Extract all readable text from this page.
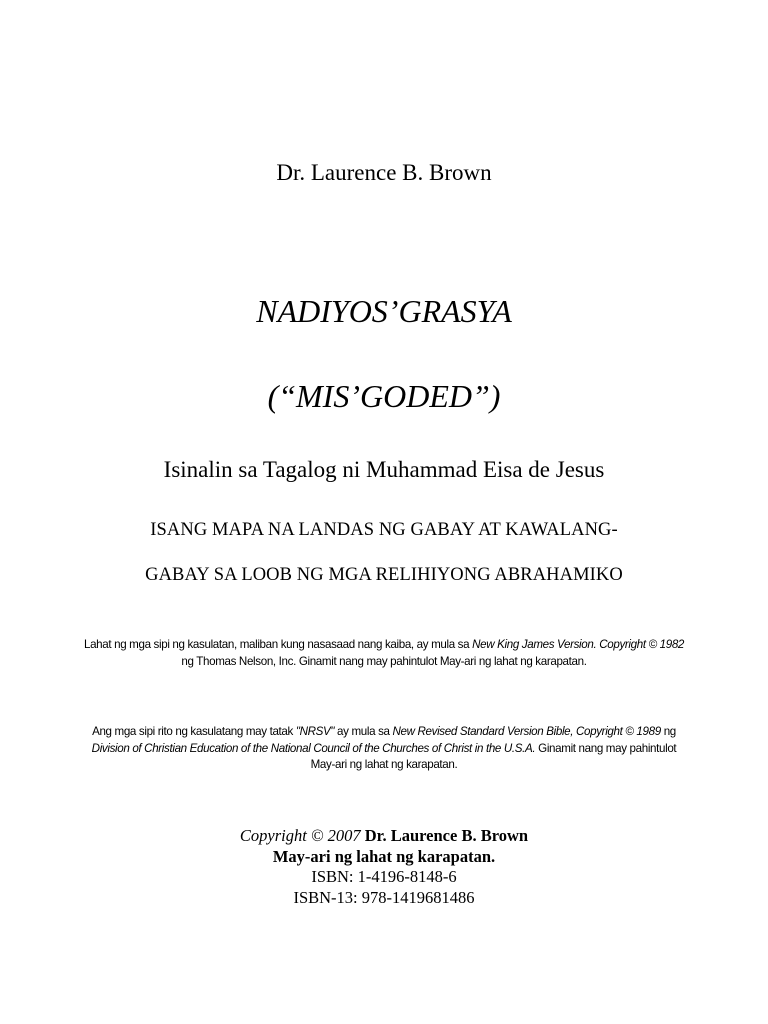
Dr. Laurence B. Brown
NADIYOS’GRASYA
(“MIS’GODED”)
Isinalin sa Tagalog ni Muhammad Eisa de Jesus
ISANG MAPA NA LANDAS NG GABAY AT KAWALANG-
GABAY SA LOOB NG MGA RELIHIYONG ABRAHAMIKO
Lahat ng mga sipi ng kasulatan, maliban kung nasasaad nang kaiba, ay mula sa New King James Version. Copyright © 1982 ng Thomas Nelson, Inc. Ginamit nang may pahintulot May-ari ng lahat ng karapatan.
Ang mga sipi rito ng kasulatang may tatak "NRSV" ay mula sa New Revised Standard Version Bible, Copyright © 1989 ng Division of Christian Education of the National Council of the Churches of Christ in the U.S.A. Ginamit nang may pahintulot May-ari ng lahat ng karapatan.
Copyright © 2007 Dr. Laurence B. Brown
May-ari ng lahat ng karapatan.
ISBN: 1-4196-8148-6
ISBN-13: 978-1419681486
